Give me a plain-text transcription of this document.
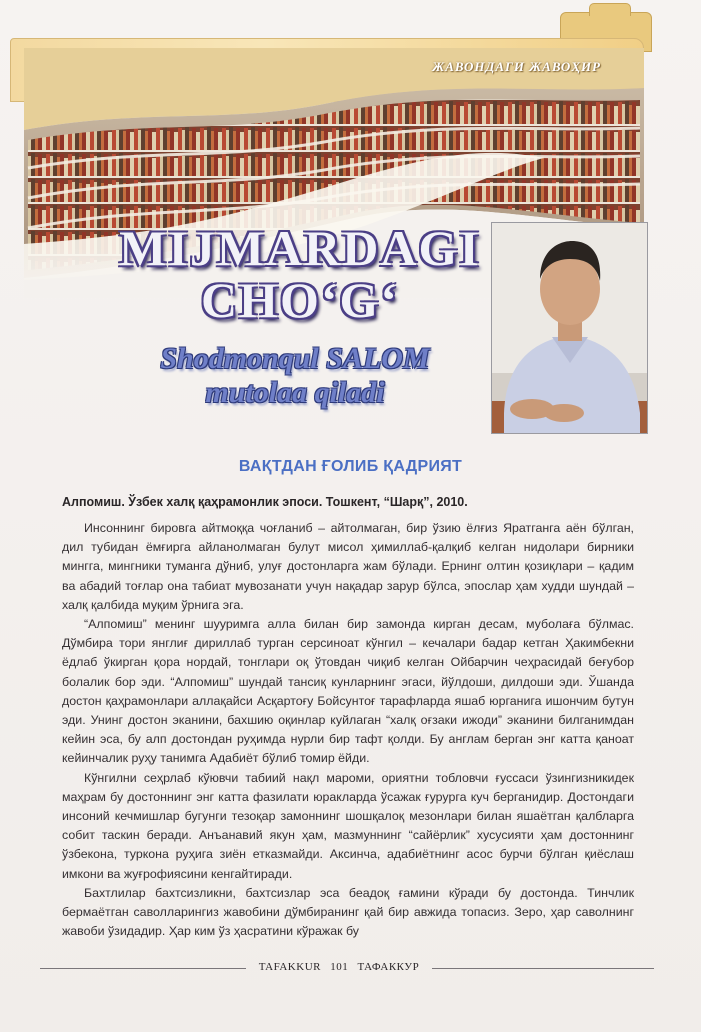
ЖАВОНДАГИ ЖАВОҲИР
MIJMARDAGI
CHO‘G‘
Shodmonqul SALOM
mutolaa qiladi
ВАҚТДАН ҒОЛИБ ҚАДРИЯТ
Алпомиш. Ўзбек халқ қаҳрамонлик эпоси. Тошкент, “Шарқ”, 2010.

Инсоннинг бировга айтмоққа чоғланиб – айтолмаган, бир ўзию ёлғиз Яратганга аён бўлган, дил тубидан ёмғирга айланолмаган булут мисол ҳимиллаб-қалқиб келган нидолари бирники мингга, мингники туманга дўниб, улуғ достонларга жам бўлади. Ернинг олтин қозиқлари – қадим ва абадий тоғлар она табиат мувозанати учун нақадар зарур бўлса, эпослар ҳам худди шундай – халқ қалбида муқим ўрнига эга.

“Алпомиш” менинг шууримга алла билан бир замонда кирган десам, муболаға бўлмас. Дўмбира тори янглиғ дириллаб турган серсиноат кўнгил – кечалари бадар кетган Ҳакимбекни ёдлаб ўкирган қора нордай, тонглари оқ ўтовдан чиқиб келган Ойбарчин чеҳрасидай беғубор болалик бор эди. “Алпомиш” шундай тансиқ кунларнинг эгаси, йўлдоши, дилдоши эди. Ўшанда достон қаҳрамонлари аллақайси Асқартоғу Бойсунтоғ тарафларда яшаб юрганига ишончим бутун эди. Унинг достон эканини, бахшию оқинлар куйлаган “халқ оғзаки ижоди” эканини билганимдан кейин эса, бу алп достондан руҳимда нурли бир тафт қолди. Бу англам берган энг катта қаноат кейинчалик руҳу танимга Адабиёт бўлиб томир ёйди.

Кўнгилни сеҳрлаб кўювчи табиий нақл мароми, ориятни тобловчи ғуссаси ўзингизникидек маҳрам бу достоннинг энг катта фазилати юракларда ўсажак ғурурга куч берганидир. Достондаги инсоний кечмишлар бугунги тезоқар замоннинг шошқалоқ мезонлари билан яшаётган қалбларга собит таскин беради. Анъанавий якун ҳам, мазмуннинг “сайёрлик” хусусияти ҳам достоннинг ўзбекона, туркона руҳига зиён етказмайди. Аксинча, адабиётнинг асос бурчи бўлган қиёслаш имкони ва жуғрофиясини кенгайтиради.

Бахтлилар бахтсизликни, бахтсизлар эса беадоқ ғамини кўради бу достонда. Тинчлик бермаётган саволларингиз жавобини дўмбиранинг қай бир авжида топасиз. Зеро, ҳар саволнинг жавоби ўзидадир. Ҳар ким ўз ҳасратини кўражак бу

TAFAKKUR 101 ТАФАККУР
